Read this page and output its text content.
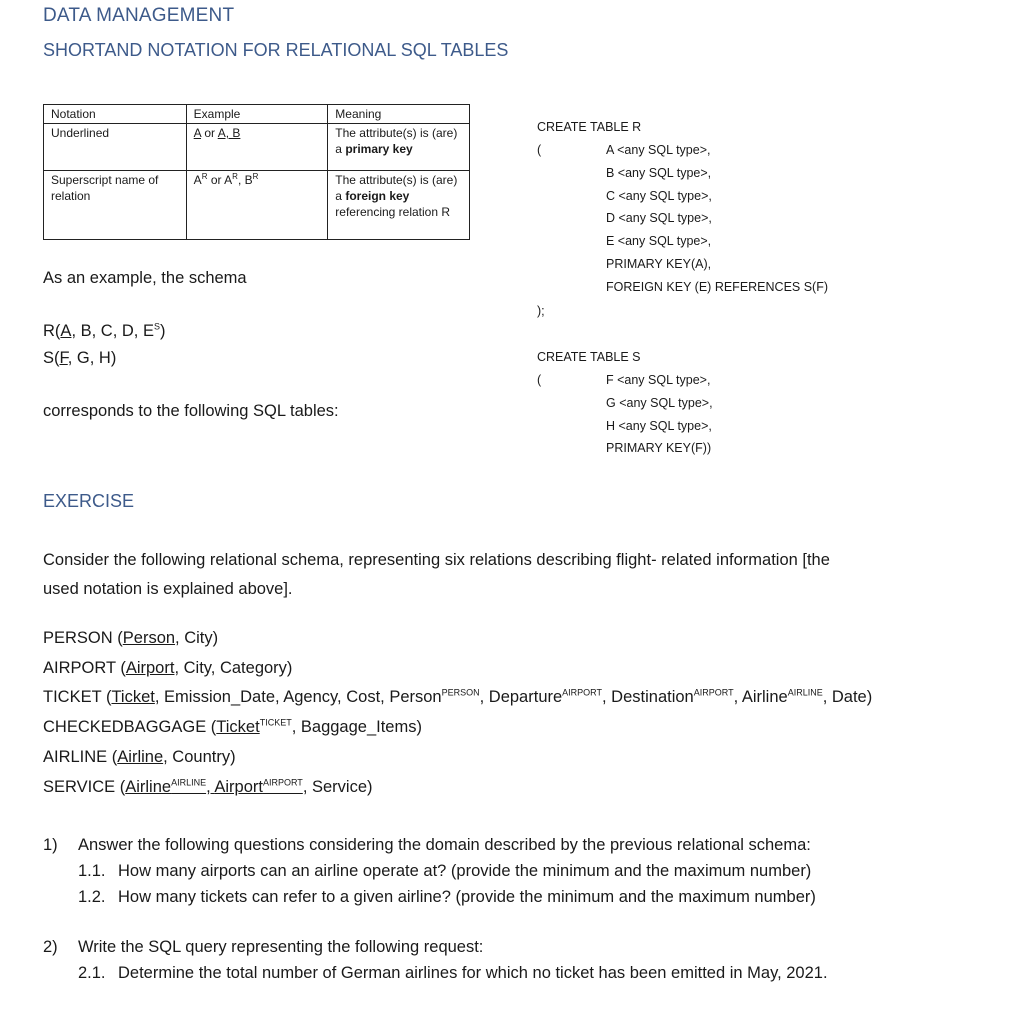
DATA MANAGEMENT
SHORTAND NOTATION FOR RELATIONAL SQL TABLES
Notation	Example	Meaning
Underlined	A or A, B	The attribute(s) is (are) a primary key
Superscript name of relation	$A^R$ or $A^R$, $B^R$	The attribute(s) is (are) a foreign key referencing relation R
CREATE TABLE R
(	A <any SQL type>,
B <any SQL type>,
C <any SQL type>,
D <any SQL type>,
E <any SQL type>,
PRIMARY KEY(A),
FOREIGN KEY (E) REFERENCES S(F)
);
CREATE TABLE S
(	F <any SQL type>,
G <any SQL type>,
H <any SQL type>,
PRIMARY KEY(F))
As an example, the schema
R(A, B, C, D, $E^S$)
S(F, G, H)
corresponds to the following SQL tables:
EXERCISE
Consider the following relational schema, representing six relations describing flight- related information [the
used notation is explained above].
PERSON (Person, City)
AIRPORT (Airport, City, Category)
TICKET (Ticket, Emission_Date, Agency, Cost, Person$^{PERSON}$, Departure$^{AIRPORT}$, Destination$^{AIRPORT}$, Airline$^{AIRLINE}$, Date)
CHECKEDBAGGAGE (Ticket$^{TICKET}$, Baggage_Items)
AIRLINE (Airline, Country)
SERVICE (Airline$^{AIRLINE}$, Airport$^{AIRPORT}$, Service)
1) Answer the following questions considering the domain described by the previous relational schema:
1.1. How many airports can an airline operate at? (provide the minimum and the maximum number)
1.2. How many tickets can refer to a given airline? (provide the minimum and the maximum number)
2) Write the SQL query representing the following request:
2.1. Determine the total number of German airlines for which no ticket has been emitted in May, 2021.
